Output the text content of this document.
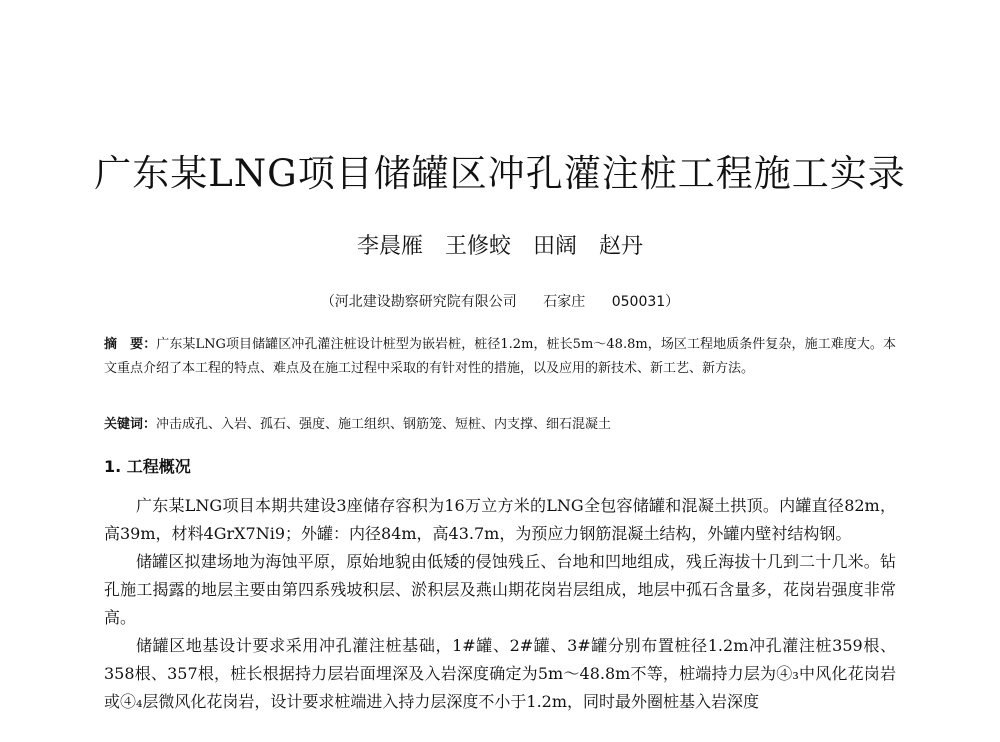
广东某LNG项目储罐区冲孔灌注桩工程施工实录
李晨雁　王修蛟　田阔　赵丹
（河北建设勘察研究院有限公司 石家庄 050031）
摘　要：广东某LNG项目储罐区冲孔灌注桩设计桩型为嵌岩桩，桩径1.2m，桩长5m～48.8m，场区工程地质条件复杂，施工难度大。本文重点介绍了本工程的特点、难点及在施工过程中采取的有针对性的措施，以及应用的新技术、新工艺、新方法。
关键词：冲击成孔、入岩、孤石、强度、施工组织、钢筋笼、短桩、内支撑、细石混凝土
1. 工程概况

广东某LNG项目本期共建设3座储存容积为16万立方米的LNG全包容储罐和混凝土拱顶。内罐直径82m，高39m，材料4GrX7Ni9；外罐：内径84m，高43.7m，为预应力钢筋混凝土结构，外罐内壁衬结构钢。

储罐区拟建场地为海蚀平原，原始地貌由低矮的侵蚀残丘、台地和凹地组成，残丘海拔十几到二十几米。钻孔施工揭露的地层主要由第四系残坡积层、淤积层及燕山期花岗岩层组成，地层中孤石含量多，花岗岩强度非常高。

储罐区地基设计要求采用冲孔灌注桩基础，1#罐、2#罐、3#罐分别布置桩径1.2m冲孔灌注桩359根、358根、357根，桩长根据持力层岩面埋深及入岩深度确定为5m～48.8m不等，桩端持力层为④₃中风化花岗岩或④₄层微风化花岗岩，设计要求桩端进入持力层深度不小于1.2m，同时最外圈桩基入岩深度
